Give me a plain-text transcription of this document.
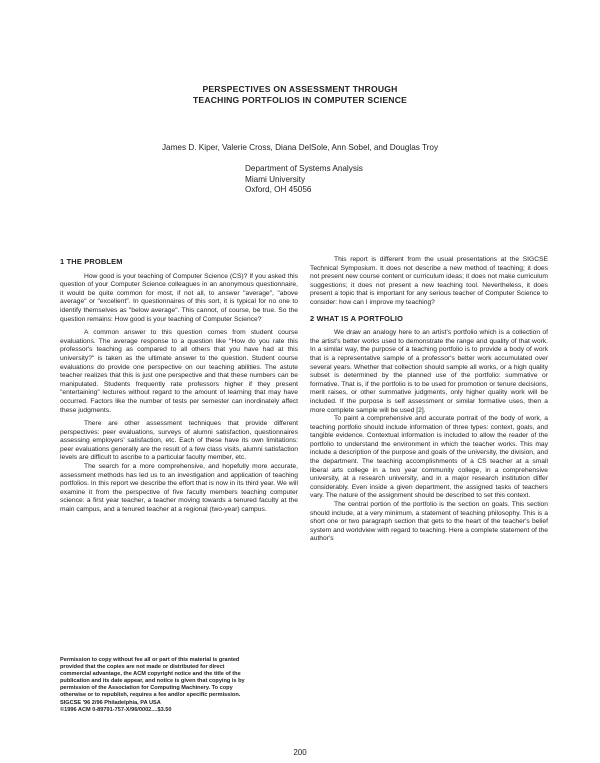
PERSPECTIVES ON ASSESSMENT THROUGH
TEACHING PORTFOLIOS IN COMPUTER SCIENCE
James D. Kiper, Valerie Cross, Diana DelSole, Ann Sobel, and Douglas Troy
Department of Systems Analysis
Miami University
Oxford, OH 45056
1 THE PROBLEM

How good is your teaching of Computer Science (CS)? If you asked this question of your Computer Science colleagues in an anonymous questionnaire, it would be quite common for most, if not all, to answer "average", "above average" or "excellent". In questionnaires of this sort, it is typical for no one to identify themselves as "below average". This cannot, of course, be true. So the question remains: How good is your teaching of Computer Science?

A common answer to this question comes from student course evaluations. The average response to a question like "How do you rate this professor's teaching as compared to all others that you have had at this university?" is taken as the ultimate answer to the question. Student course evaluations do provide one perspective on our teaching abilities. The astute teacher realizes that this is just one perspective and that these numbers can be manipulated. Students frequently rate professors higher if they present "entertaining" lectures without regard to the amount of learning that may have occurred. Factors like the number of tests per semester can inordinately affect these judgments.

There are other assessment techniques that provide different perspectives: peer evaluations, surveys of alumni satisfaction, questionnaires assessing employers' satisfaction, etc. Each of these have its own limitations: peer evaluations generally are the result of a few class visits, alumni satisfaction levels are difficult to ascribe to a particular faculty member, etc.

The search for a more comprehensive, and hopefully more accurate, assessment methods has led us to an investigation and application of teaching portfolios. In this report we describe the effort that is now in its third year. We will examine it from the perspective of five faculty members teaching computer science: a first year teacher, a teacher moving towards a tenured faculty at the main campus, and a tenured teacher at a regional (two-year) campus.

This report is different from the usual presentations at the SIGCSE Technical Symposium. It does not describe a new method of teaching; it does not present new course content or curriculum ideas; it does not make curriculum suggestions; it does not present a new teaching tool. Nevertheless, it does present a topic that is important for any serious teacher of Computer Science to consider: how can I improve my teaching?

2 WHAT IS A PORTFOLIO

We draw an analogy here to an artist's portfolio which is a collection of the artist's better works used to demonstrate the range and quality of that work. In a similar way, the purpose of a teaching portfolio is to provide a body of work that is a representative sample of a professor's better work accumulated over several years. Whether that collection should sample all works, or a high quality subset is determined by the planned use of the portfolio: summative or formative. That is, if the portfolio is to be used for promotion or tenure decisions, merit raises, or other summative judgments, only higher quality work will be included. If the purpose is self assessment or similar formative uses, then a more complete sample will be used [2].

To paint a comprehensive and accurate portrait of the body of work, a teaching portfolio should include information of three types: context, goals, and tangible evidence. Contextual information is included to allow the reader of the portfolio to understand the environment in which the teacher works. This may include a description of the purpose and goals of the university, the division, and the department. The teaching accomplishments of a CS teacher at a small liberal arts college in a two year community college, in a comprehensive university, at a research university, and in a major research institution differ considerably. Even inside a given department, the assigned tasks of teachers vary. The nature of the assignment should be described to set this context.

The central portion of the portfolio is the section on goals. This section should include, at a very minimum, a statement of teaching philosophy. This is a short one or two paragraph section that gets to the heart of the teacher's belief system and worldview with regard to teaching. Here a complete statement of the author's

Permission to copy without fee all or part of this material is granted
provided that the copies are not made or distributed for direct
commercial advantage, the ACM copyright notice and the title of the
publication and its date appear, and notice is given that copying is by
permission of the Association for Computing Machinery. To copy
otherwise or to republish, requires a fee and/or specific permission.
SIGCSE '96 2/96 Philadelphia, PA USA
©1996 ACM 0-89791-757-X/96/0002....$3.50
200
